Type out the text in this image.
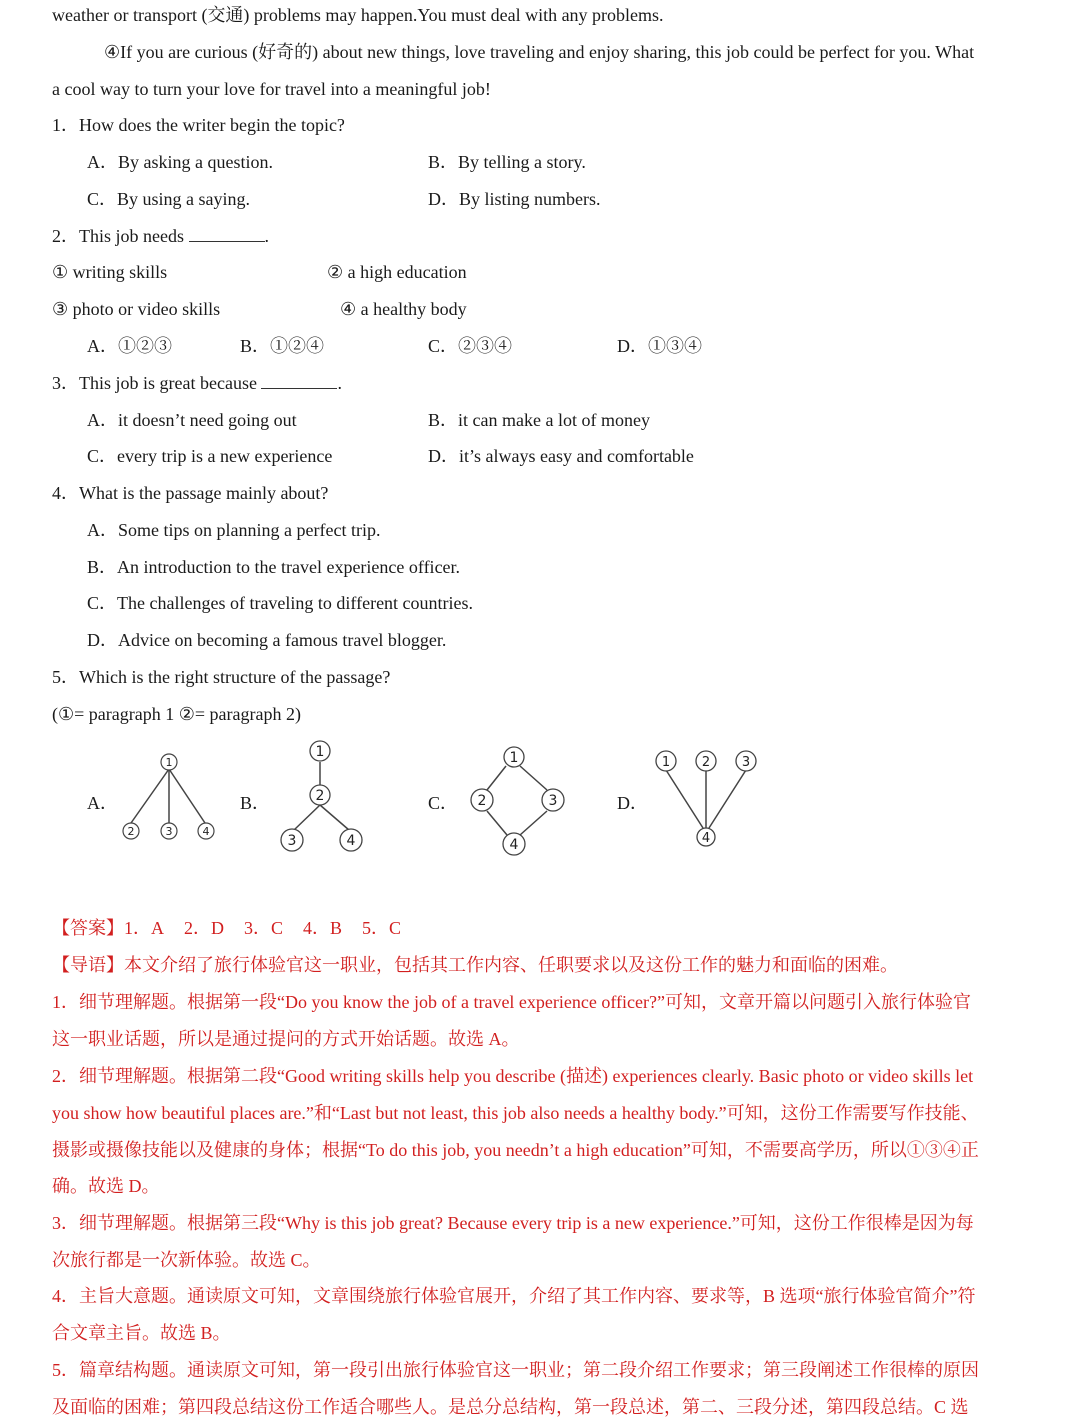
weather or transport (交通) problems may happen.You must deal with any problems.
④If you are curious (好奇的) about new things, love traveling and enjoy sharing, this job could be perfect for you. What
a cool way to turn your love for travel into a meaningful job!
1．How does the writer begin the topic?
A．By asking a question.	B．By telling a story.
C．By using a saying.	D．By listing numbers.
2．This job needs	.
① writing skills	② a high education
③ photo or video skills	④ a healthy body
A．①②③	B．①②④	C．②③④	D．①③④
3．This job is great because	.
A．it doesn’t need going out	B．it can make a lot of money
C．every trip is a new experience	D．it’s always easy and comfortable
4．What is the passage mainly about?
A．Some tips on planning a perfect trip.
B．An introduction to the travel experience officer.
C．The challenges of traveling to different countries.
D．Advice on becoming a famous travel blogger.
5．Which is the right structure of the passage?
(①= paragraph 1 ②= paragraph 2)
A．	B．	C．	D．
1
2	3	4
1
2
3	4
1
2	3
4
1 2 3
4
【答案】1．A 2．D 3．C 4．B 5．C
【导语】本文介绍了旅行体验官这一职业，包括其工作内容、任职要求以及这份工作的魅力和面临的困难。
1．细节理解题。根据第一段“Do you know the job of a travel experience officer?”可知，文章开篇以问题引入旅行体验官
这一职业话题，所以是通过提问的方式开始话题。故选 A。
2．细节理解题。根据第二段“Good writing skills help you describe (描述) experiences clearly. Basic photo or video skills let
you show how beautiful places are.”和“Last but not least, this job also needs a healthy body.”可知，这份工作需要写作技能、
摄影或摄像技能以及健康的身体；根据“To do this job, you needn’t a high education”可知，不需要高学历，所以①③④正
确。故选 D。
3．细节理解题。根据第三段“Why is this job great? Because every trip is a new experience.”可知，这份工作很棒是因为每
次旅行都是一次新体验。故选 C。
4．主旨大意题。通读原文可知，文章围绕旅行体验官展开，介绍了其工作内容、要求等，B 选项“旅行体验官简介”符
合文章主旨。故选 B。
5．篇章结构题。通读原文可知，第一段引出旅行体验官这一职业；第二段介绍工作要求；第三段阐述工作很棒的原因
及面临的困难；第四段总结这份工作适合哪些人。是总分总结构，第一段总述，第二、三段分述，第四段总结。C 选
